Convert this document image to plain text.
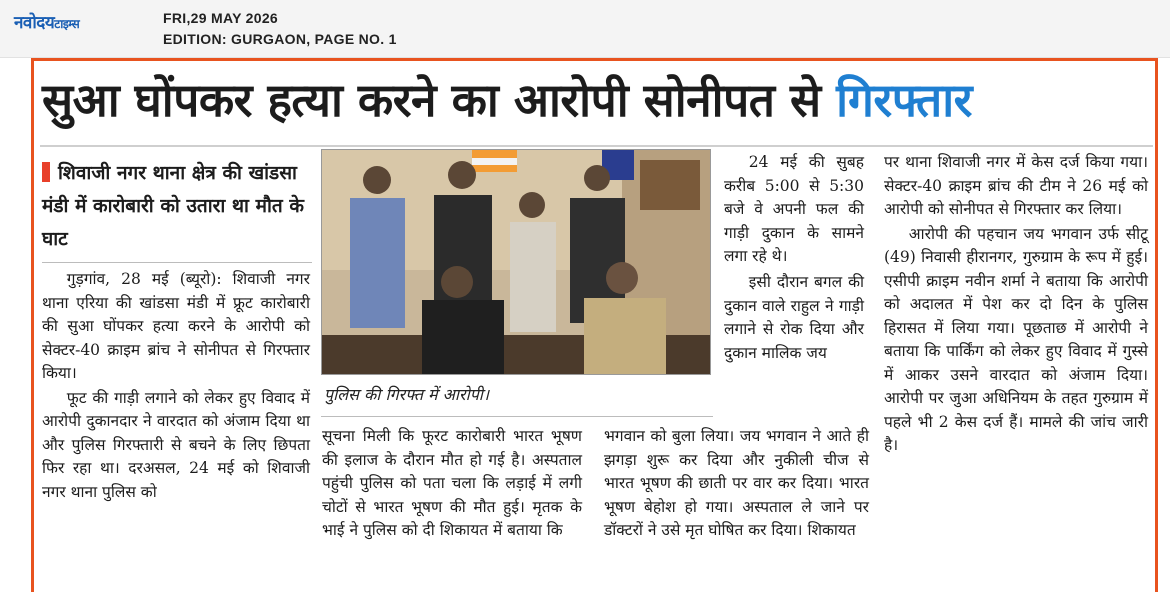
नवोदयटाइम्स	FRI,29 MAY 2026
EDITION: GURGAON, PAGE NO. 1
सुआ घोंपकर हत्या करने का आरोपी सोनीपत से गिरफ्तार
शिवाजी नगर थाना क्षेत्र की खांडसा मंडी में कारोबारी को उतारा था मौत के घाट

गुड़गांव, 28 मई (ब्यूरो): शिवाजी नगर थाना एरिया की खांडसा मंडी में फ्रूट कारोबारी की सुआ घोंपकर हत्या करने के आरोपी को सेक्टर-40 क्राइम ब्रांच ने सोनीपत से गिरफ्तार किया।

फूट की गाड़ी लगाने को लेकर हुए विवाद में आरोपी दुकानदार ने वारदात को अंजाम दिया था और पुलिस गिरफ्तारी से बचने के लिए छिपता फिर रहा था। दरअसल, 24 मई को शिवाजी नगर थाना पुलिस को

पुलिस की गिरफ्त में आरोपी।

24 मई की सुबह करीब 5:00 से 5:30 बजे वे अपनी फल की गाड़ी दुकान के सामने लगा रहे थे।

इसी दौरान बगल की दुकान वाले राहुल ने गाड़ी लगाने से रोक दिया और दुकान मालिक जय

पर थाना शिवाजी नगर में केस दर्ज किया गया। सेक्टर-40 क्राइम ब्रांच की टीम ने 26 मई को आरोपी को सोनीपत से गिरफ्तार कर लिया।

आरोपी की पहचान जय भगवान उर्फ सीटू (49) निवासी हीरानगर, गुरुग्राम के रूप में हुई। एसीपी क्राइम नवीन शर्मा ने बताया कि आरोपी को अदालत में पेश कर दो दिन के पुलिस हिरासत में लिया गया। पूछताछ में आरोपी ने बताया कि पार्किंग को लेकर हुए विवाद में गुस्से में आकर उसने वारदात को अंजाम दिया। आरोपी पर जुआ अधिनियम के तहत गुरुग्राम में पहले भी 2 केस दर्ज हैं। मामले की जांच जारी है।

सूचना मिली कि फूरट कारोबारी भारत भूषण की इलाज के दौरान मौत हो गई है। अस्पताल पहुंची पुलिस को पता चला कि लड़ाई में लगी चोटों से भारत भूषण की मौत हुई। मृतक के भाई ने पुलिस को दी शिकायत में बताया कि

भगवान को बुला लिया। जय भगवान ने आते ही झगड़ा शुरू कर दिया और नुकीली चीज से भारत भूषण की छाती पर वार कर दिया। भारत भूषण बेहोश हो गया। अस्पताल ले जाने पर डॉक्टरों ने उसे मृत घोषित कर दिया। शिकायत
